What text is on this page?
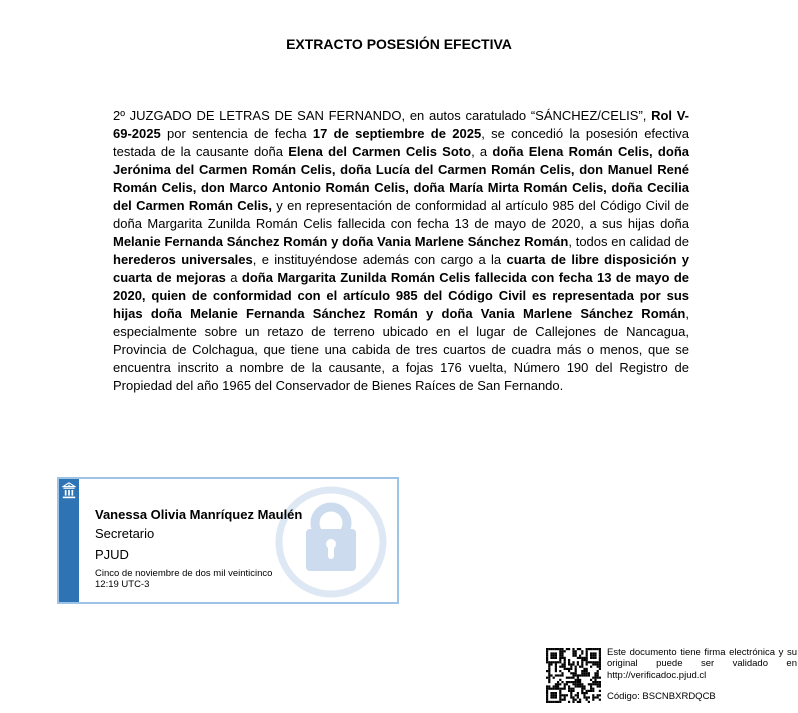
EXTRACTO POSESIÓN EFECTIVA

2º JUZGADO DE LETRAS DE SAN FERNANDO, en autos caratulado “SÁNCHEZ/CELIS”, Rol V-69-2025 por sentencia de fecha 17 de septiembre de 2025, se concedió la posesión efectiva testada de la causante doña Elena del Carmen Celis Soto, a doña Elena Román Celis, doña Jerónima del Carmen Román Celis, doña Lucía del Carmen Román Celis, don Manuel René Román Celis, don Marco Antonio Román Celis, doña María Mirta Román Celis, doña Cecilia del Carmen Román Celis, y en representación de conformidad al artículo 985 del Código Civil de doña Margarita Zunilda Román Celis fallecida con fecha 13 de mayo de 2020, a sus hijas doña Melanie Fernanda Sánchez Román y doña Vania Marlene Sánchez Román, todos en calidad de herederos universales, e instituyéndose además con cargo a la cuarta de libre disposición y cuarta de mejoras a doña Margarita Zunilda Román Celis fallecida con fecha 13 de mayo de 2020, quien de conformidad con el artículo 985 del Código Civil es representada por sus hijas doña Melanie Fernanda Sánchez Román y doña Vania Marlene Sánchez Román, especialmente sobre un retazo de terreno ubicado en el lugar de Callejones de Nancagua, Provincia de Colchagua, que tiene una cabida de tres cuartos de cuadra más o menos, que se encuentra inscrito a nombre de la causante, a fojas 176 vuelta, Número 190 del Registro de Propiedad del año 1965 del Conservador de Bienes Raíces de San Fernando.

Vanessa Olivia Manríquez Maulén
Secretario
PJUD
Cinco de noviembre de dos mil veinticinco
12:19 UTC-3
Este documento tiene firma electrónica y su original puede ser validado en http://verificadoc.pjud.cl
Código: BSCNBXRDQCB
